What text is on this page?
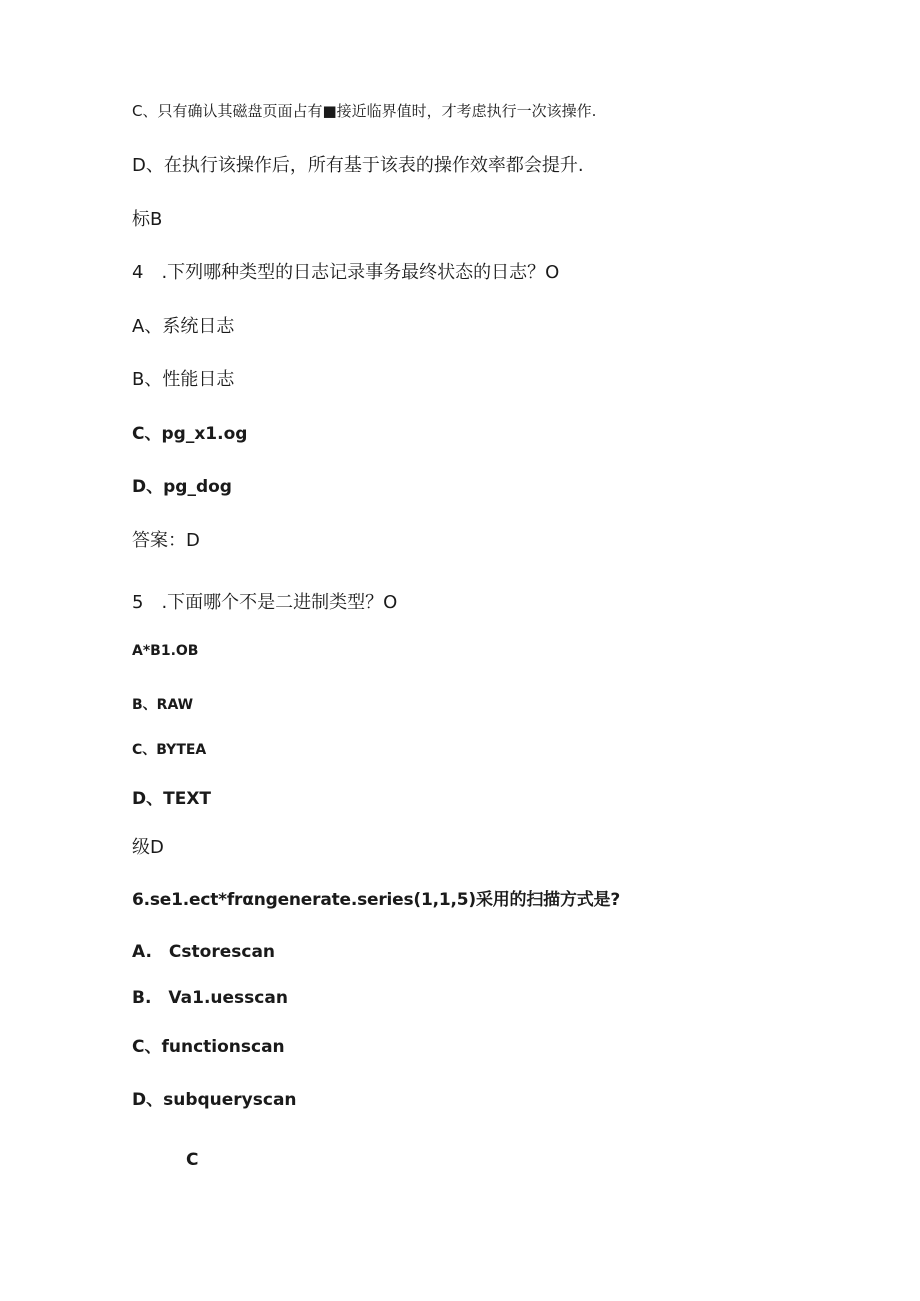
C、只有确认其磁盘页面占有■接近临界值时，才考虑执行一次该操作.
D、在执行该操作后，所有基于该表的操作效率都会提升.
标B
4　.下列哪种类型的日志记录事务最终状态的日志？O
A、系统日志
B、性能日志
C、pg_x1.og
D、pg_dog
答案：D
5　.下面哪个不是二进制类型？O
A*B1.OB
B、RAW
C、BYTEA
D、TEXT
级D
6.se1.ect*frαngenerate.series(1,1,5)采用的扫描方式是?
A.　Cstorescan
B.　Va1.uesscan
C、functionscan
D、subqueryscan
C
